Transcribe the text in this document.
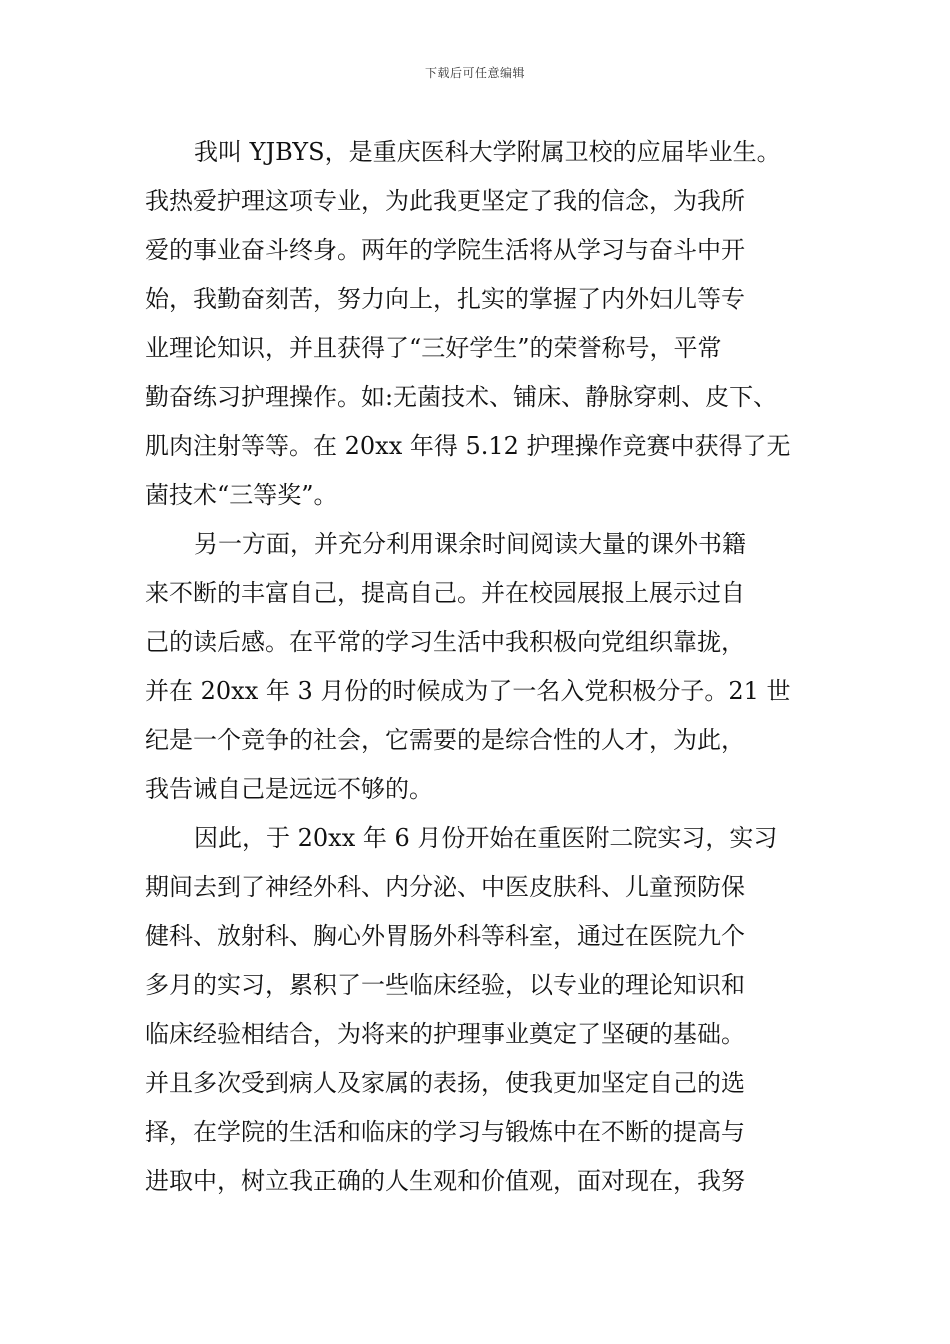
下载后可任意编辑
我叫 YJBYS，是重庆医科大学附属卫校的应届毕业生。
我热爱护理这项专业，为此我更坚定了我的信念，为我所
爱的事业奋斗终身。两年的学院生活将从学习与奋斗中开
始，我勤奋刻苦，努力向上，扎实的掌握了内外妇儿等专
业理论知识，并且获得了“三好学生”的荣誉称号，平常
勤奋练习护理操作。如:无菌技术、铺床、静脉穿刺、皮下、
肌肉注射等等。在 20xx 年得 5.12 护理操作竞赛中获得了无
菌技术“三等奖”。
另一方面，并充分利用课余时间阅读大量的课外书籍
来不断的丰富自己，提高自己。并在校园展报上展示过自
己的读后感。在平常的学习生活中我积极向党组织靠拢，
并在 20xx 年 3 月份的时候成为了一名入党积极分子。21 世
纪是一个竞争的社会，它需要的是综合性的人才，为此，
我告诫自己是远远不够的。
因此，于 20xx 年 6 月份开始在重医附二院实习，实习
期间去到了神经外科、内分泌、中医皮肤科、儿童预防保
健科、放射科、胸心外胃肠外科等科室，通过在医院九个
多月的实习，累积了一些临床经验，以专业的理论知识和
临床经验相结合，为将来的护理事业奠定了坚硬的基础。
并且多次受到病人及家属的表扬，使我更加坚定自己的选
择，在学院的生活和临床的学习与锻炼中在不断的提高与
进取中，树立我正确的人生观和价值观，面对现在，我努
